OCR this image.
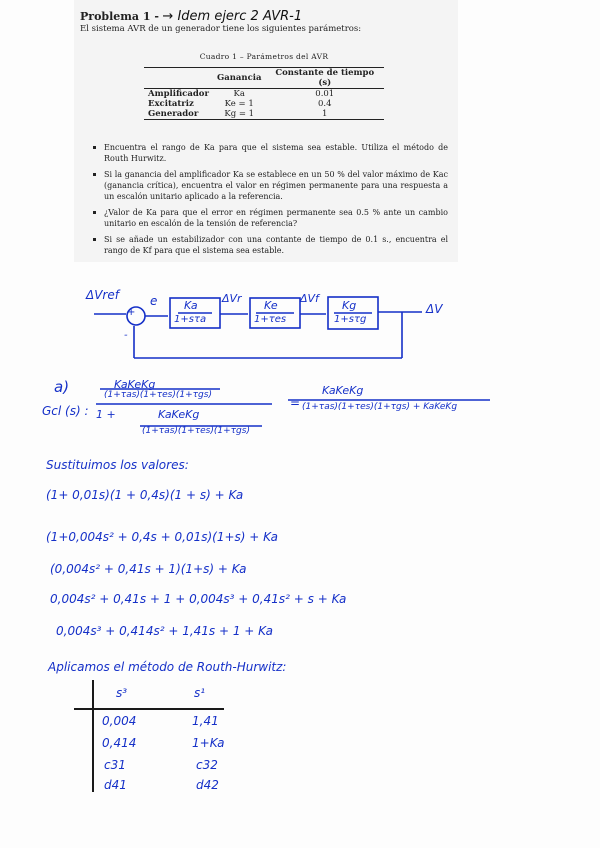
Problema 1 - → Idem ejerc 2 AVR-1
El sistema AVR de un generador tiene los siguientes parámetros:
Cuadro 1 – Parámetros del AVR
	Ganancia	Constante de tiempo (s)
Amplificador	Ka	0.01
Excitatriz	Ke = 1	0.4
Generador	Kg = 1	1
Encuentra el rango de Ka para que el sistema sea estable. Utiliza el método de Routh Hurwitz.
Si la ganancia del amplificador Ka se establece en un 50 % del valor máximo de Kac (ganancia crítica), encuentra el valor en régimen permanente para una respuesta a un escalón unitario aplicado a la referencia.
¿Valor de Ka para que el error en régimen permanente sea 0.5 % ante un cambio unitario en escalón de la tensión de referencia?
Si se añade un estabilizador con una contante de tiempo de 0.1 s., encuentra el rango de Kf para que el sistema sea estable.
ΔVref
+
-
e Ka
1+sτa
ΔVr
Ke
1+τes
ΔVf
Kg
1+sτg
ΔV
a)
Gcl (s) :
KaKeKg
(1+τas)(1+τes)(1+τgs)
1 +	KaKeKg
(1+τas)(1+τes)(1+τgs)
=
KaKeKg
(1+τas)(1+τes)(1+τgs) + KaKeKg
Sustituimos los valores:
(1+ 0,01s)(1 + 0,4s)(1 + s) + Ka
(1+0,004s² + 0,4s + 0,01s)(1+s) + Ka
(0,004s² + 0,41s + 1)(1+s) + Ka
0,004s² + 0,41s + 1 + 0,004s³ + 0,41s² + s + Ka
0,004s³ + 0,414s² + 1,41s + 1 + Ka
Aplicamos el método de Routh-Hurwitz:
s³	s¹
0,004	1,41
0,414	1+Ka
c31	c32
d41	d42
